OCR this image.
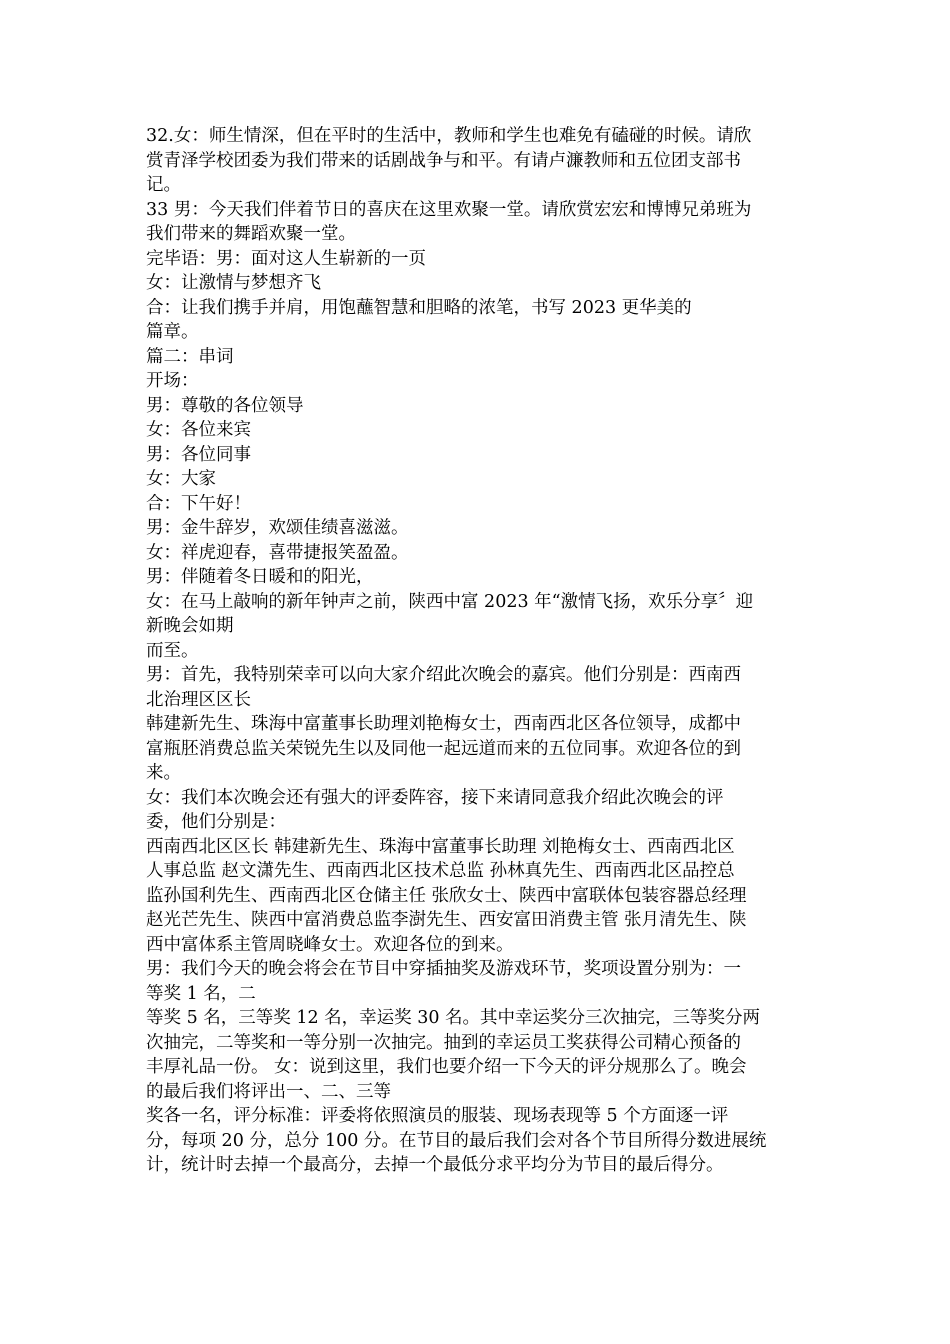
32.女：师生情深，但在平时的生活中，教师和学生也难免有磕碰的时候。请欣
赏青泽学校团委为我们带来的话剧战争与和平。有请卢濂教师和五位团支部书
记。
33 男：今天我们伴着节日的喜庆在这里欢聚一堂。请欣赏宏宏和博博兄弟班为
我们带来的舞蹈欢聚一堂。
完毕语：男：面对这人生崭新的一页
女：让激情与梦想齐飞
合：让我们携手并肩，用饱蘸智慧和胆略的浓笔，书写 2023 更华美的
篇章。
篇二：串词
开场：
男：尊敬的各位领导
女：各位来宾
男：各位同事
女：大家
合：下午好！
男：金牛辞岁，欢颂佳绩喜滋滋。
女：祥虎迎春，喜带捷报笑盈盈。
男：伴随着冬日暖和的阳光，
女：在马上敲响的新年钟声之前，陕西中富 2023 年“激情飞扬，欢乐分享〞迎
新晚会如期
而至。
男：首先，我特别荣幸可以向大家介绍此次晚会的嘉宾。他们分别是：西南西
北治理区区长
韩建新先生、珠海中富董事长助理刘艳梅女士，西南西北区各位领导，成都中
富瓶胚消费总监关荣锐先生以及同他一起远道而来的五位同事。欢迎各位的到
来。
女：我们本次晚会还有强大的评委阵容，接下来请同意我介绍此次晚会的评
委，他们分别是：
西南西北区区长 韩建新先生、珠海中富董事长助理 刘艳梅女士、西南西北区
人事总监 赵文潇先生、西南西北区技术总监 孙林真先生、西南西北区品控总
监孙国利先生、西南西北区仓储主任 张欣女士、陕西中富联体包装容器总经理
赵光芒先生、陕西中富消费总监李澍先生、西安富田消费主管 张月清先生、陕
西中富体系主管周晓峰女士。欢迎各位的到来。
男：我们今天的晚会将会在节目中穿插抽奖及游戏环节，奖项设置分别为：一
等奖 1 名，二
等奖 5 名，三等奖 12 名，幸运奖 30 名。其中幸运奖分三次抽完，三等奖分两
次抽完，二等奖和一等分别一次抽完。抽到的幸运员工奖获得公司精心预备的
丰厚礼品一份。 女：说到这里，我们也要介绍一下今天的评分规那么了。晚会
的最后我们将评出一、二、三等
奖各一名，评分标准：评委将依照演员的服装、现场表现等 5 个方面逐一评
分，每项 20 分，总分 100 分。在节目的最后我们会对各个节目所得分数进展统
计，统计时去掉一个最高分，去掉一个最低分求平均分为节目的最后得分。
